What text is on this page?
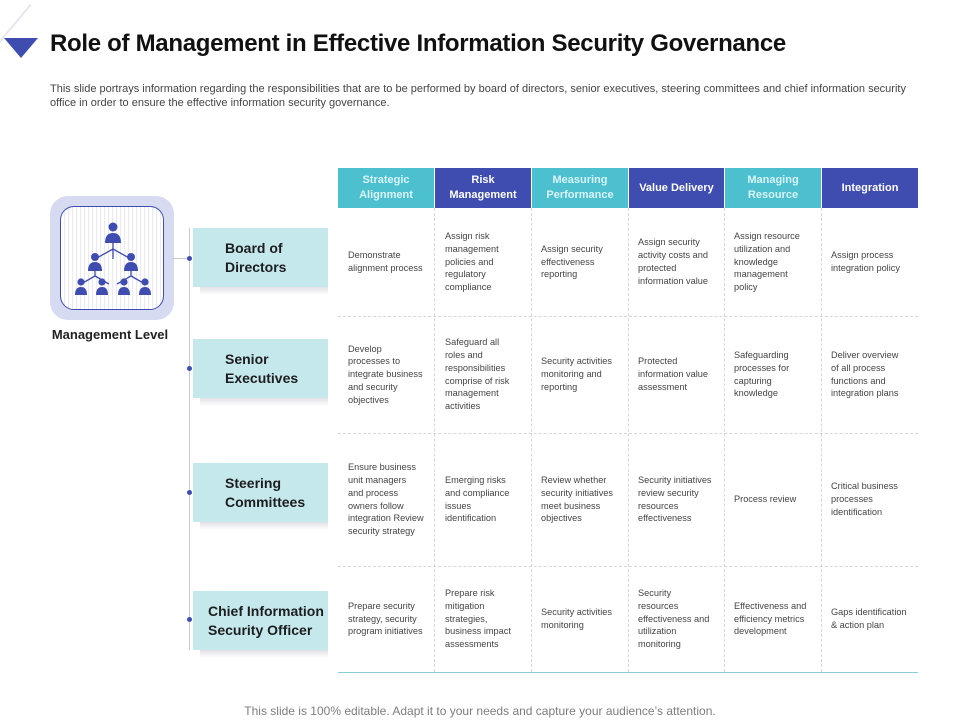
Role of Management in Effective Information Security Governance

This slide portrays information regarding the responsibilities that are to be performed by board of directors, senior executives, steering committees and chief information security office in order to ensure the effective information security governance.

Management Level
Board of Directors
Senior Executives
Steering Committees
Chief Information Security Officer
Strategic Alignment
Risk Management
Measuring Performance
Value Delivery
Managing Resource
Integration
Demonstrate alignment process
Assign risk management policies and regulatory compliance
Assign security effectiveness reporting
Assign security activity costs and protected information value
Assign resource utilization and knowledge management policy
Assign process integration policy
Develop processes to integrate business and security objectives
Safeguard all roles and responsibilities comprise of risk management activities
Security activities monitoring and reporting
Protected information value assessment
Safeguarding processes for capturing knowledge
Deliver overview of all process functions and integration plans
Ensure business unit managers and process owners follow integration Review security strategy
Emerging risks and compliance issues identification
Review whether security initiatives meet business objectives
Security initiatives review security resources effectiveness
Process review
Critical business processes identification
Prepare security strategy, security program initiatives
Prepare risk mitigation strategies, business impact assessments
Security activities monitoring
Security resources effectiveness and utilization monitoring
Effectiveness and efficiency metrics development
Gaps identification & action plan
This slide is 100% editable. Adapt it to your needs and capture your audience’s attention.
